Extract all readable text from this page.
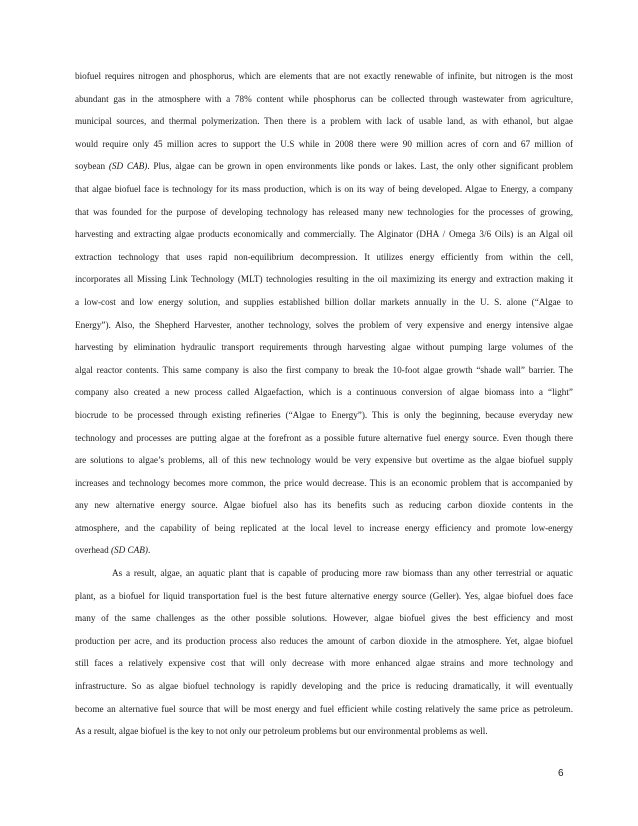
biofuel requires nitrogen and phosphorus, which are elements that are not exactly renewable of infinite, but nitrogen is the most
abundant gas in the atmosphere with a 78% content while phosphorus can be collected through wastewater from agriculture,
municipal sources, and thermal polymerization. Then there is a problem with lack of usable land, as with ethanol, but algae
would require only 45 million acres to support the U.S while in 2008 there were 90 million acres of corn and 67 million of
soybean (SD CAB). Plus, algae can be grown in open environments like ponds or lakes. Last, the only other significant problem
that algae biofuel face is technology for its mass production, which is on its way of being developed. Algae to Energy, a company
that was founded for the purpose of developing technology has released many new technologies for the processes of growing,
harvesting and extracting algae products economically and commercially. The Alginator (DHA / Omega 3/6 Oils) is an Algal oil
extraction technology that uses rapid non-equilibrium decompression. It utilizes energy efficiently from within the cell,
incorporates all Missing Link Technology (MLT) technologies resulting in the oil maximizing its energy and extraction making it
a low-cost and low energy solution, and supplies established billion dollar markets annually in the U. S. alone (“Algae to
Energy”). Also, the Shepherd Harvester, another technology, solves the problem of very expensive and energy intensive algae
harvesting by elimination hydraulic transport requirements through harvesting algae without pumping large volumes of the
algal reactor contents. This same company is also the first company to break the 10-foot algae growth “shade wall” barrier. The
company also created a new process called Algaefaction, which is a continuous conversion of algae biomass into a “light”
biocrude to be processed through existing refineries (“Algae to Energy”). This is only the beginning, because everyday new
technology and processes are putting algae at the forefront as a possible future alternative fuel energy source. Even though there
are solutions to algae’s problems, all of this new technology would be very expensive but overtime as the algae biofuel supply
increases and technology becomes more common, the price would decrease. This is an economic problem that is accompanied by
any new alternative energy source. Algae biofuel also has its benefits such as reducing carbon dioxide contents in the
atmosphere, and the capability of being replicated at the local level to increase energy efficiency and promote low-energy
overhead (SD CAB).
As a result, algae, an aquatic plant that is capable of producing more raw biomass than any other terrestrial or aquatic
plant, as a biofuel for liquid transportation fuel is the best future alternative energy source (Geller). Yes, algae biofuel does face
many of the same challenges as the other possible solutions. However, algae biofuel gives the best efficiency and most
production per acre, and its production process also reduces the amount of carbon dioxide in the atmosphere. Yet, algae biofuel
still faces a relatively expensive cost that will only decrease with more enhanced algae strains and more technology and
infrastructure. So as algae biofuel technology is rapidly developing and the price is reducing dramatically, it will eventually
become an alternative fuel source that will be most energy and fuel efficient while costing relatively the same price as petroleum.
As a result, algae biofuel is the key to not only our petroleum problems but our environmental problems as well.
6
